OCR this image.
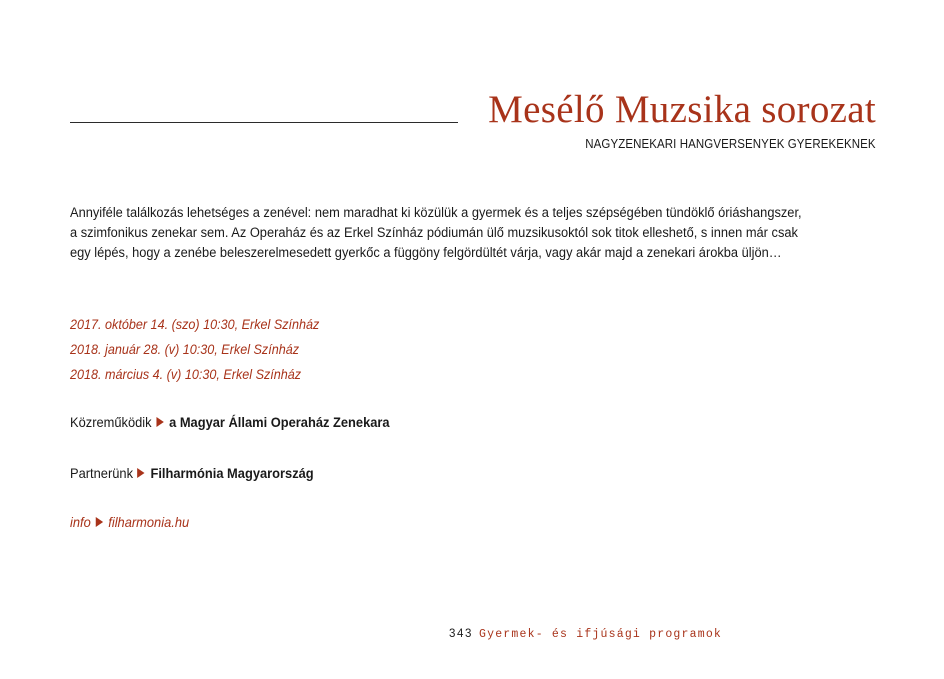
Mesélő Muzsika sorozat
NAGYZENEKARI HANGVERSENYEK GYEREKEKNEK

Annyiféle találkozás lehetséges a zenével: nem maradhat ki közülük a gyermek és a teljes szépségében tündöklő óriáshangszer,
a szimfonikus zenekar sem. Az Operaház és az Erkel Színház pódiumán ülő muzsikusoktól sok titok elleshető, s innen már csak
egy lépés, hogy a zenébe beleszerelmesedett gyerkőc a függöny felgördültét várja, vagy akár majd a zenekari árokba üljön…

2017. október 14. (szo) 10:30, Erkel Színház
2018. január 28. (v) 10:30, Erkel Színház
2018. március 4. (v) 10:30, Erkel Színház
Közreműködik a Magyar Állami Operaház Zenekara
Partnerünk Filharmónia Magyarország
info filharmonia.hu
343 Gyermek- és ifjúsági programok
